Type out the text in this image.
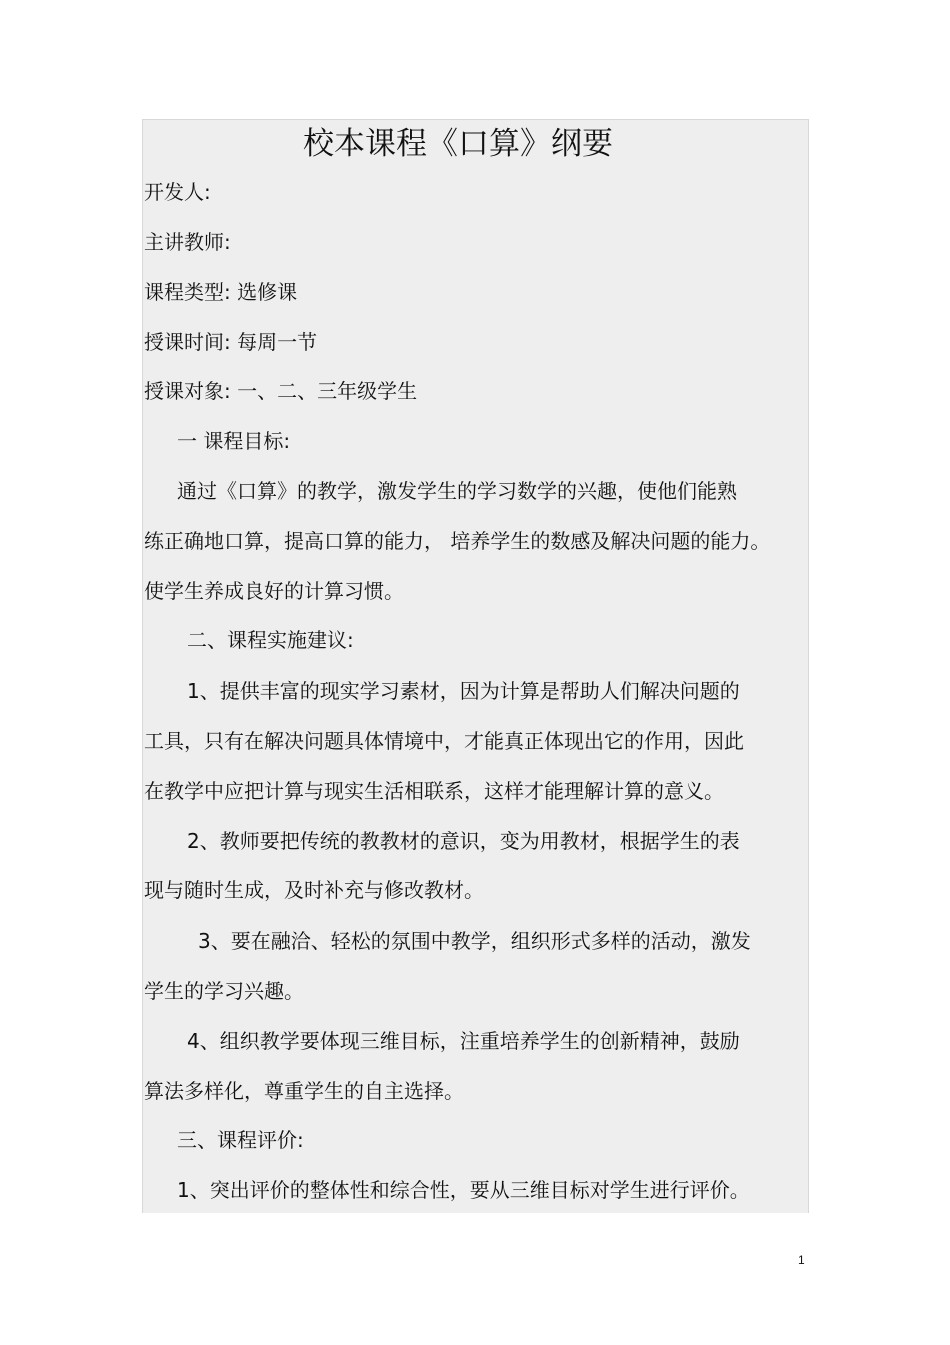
校本课程《口算》纲要
开发人:
主讲教师:
课程类型: 选修课
授课时间: 每周一节
授课对象: 一、二、三年级学生
一 课程目标:
通过《口算》的教学，激发学生的学习数学的兴趣，使他们能熟
练正确地口算，提高口算的能力， 培养学生的数感及解决问题的能力。
使学生养成良好的计算习惯。
二、课程实施建议:
1、提供丰富的现实学习素材，因为计算是帮助人们解决问题的
工具，只有在解决问题具体情境中，才能真正体现出它的作用，因此
在教学中应把计算与现实生活相联系，这样才能理解计算的意义。
2、教师要把传统的教教材的意识，变为用教材，根据学生的表
现与随时生成，及时补充与修改教材。
3、要在融洽、轻松的氛围中教学，组织形式多样的活动，激发
学生的学习兴趣。
4、组织教学要体现三维目标，注重培养学生的创新精神，鼓励
算法多样化，尊重学生的自主选择。
三、课程评价:
1、突出评价的整体性和综合性，要从三维目标对学生进行评价。
1
